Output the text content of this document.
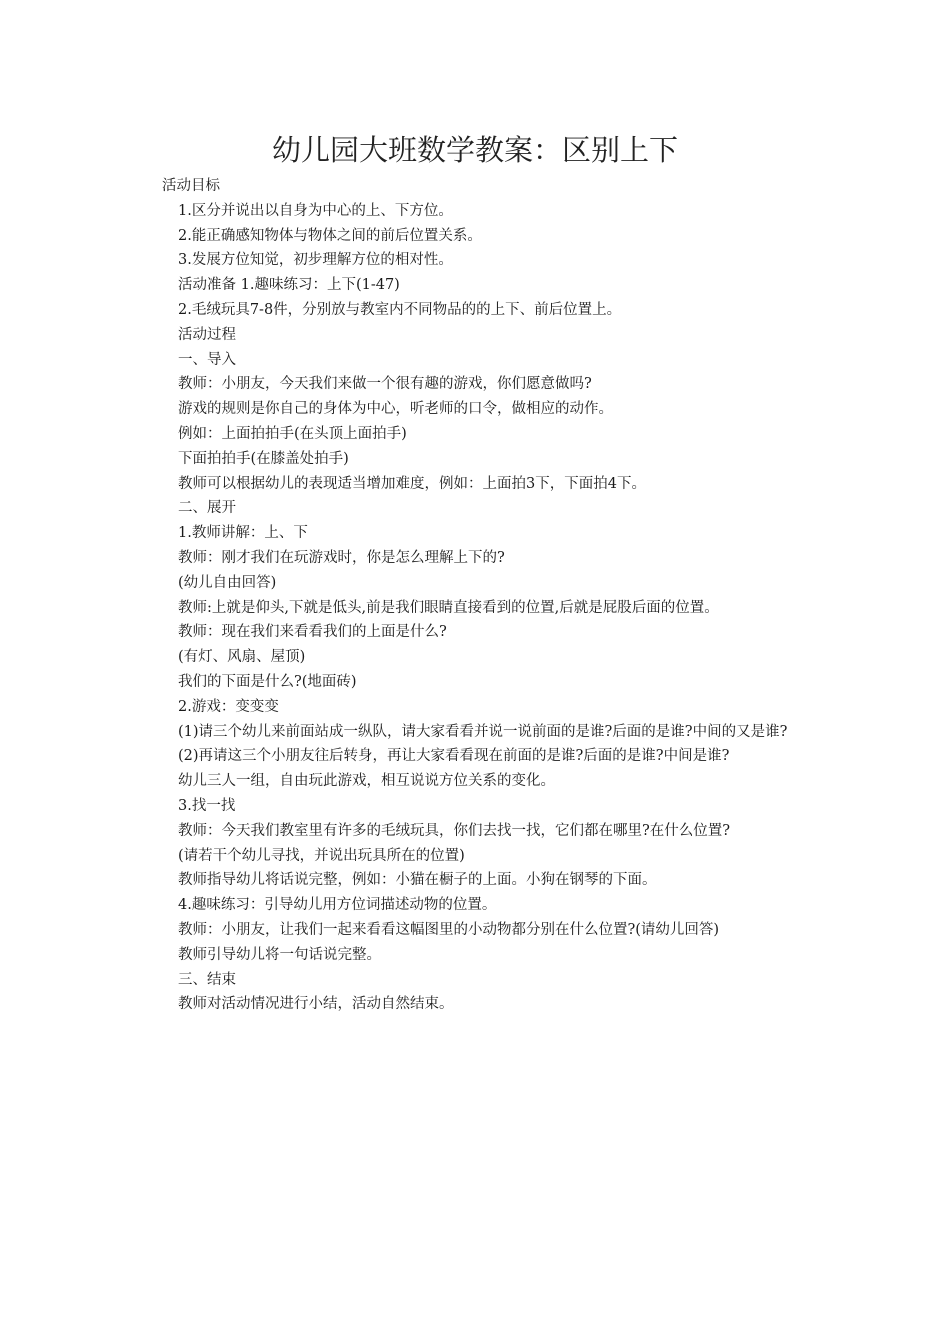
幼儿园大班数学教案：区别上下

活动目标

1.区分并说出以自身为中心的上、下方位。

2.能正确感知物体与物体之间的前后位置关系。

3.发展方位知觉，初步理解方位的相对性。

活动准备 1.趣味练习：上下(1-47)

2.毛绒玩具7-8件，分别放与教室内不同物品的的上下、前后位置上。

活动过程

一、导入

教师：小朋友，今天我们来做一个很有趣的游戏，你们愿意做吗?

游戏的规则是你自己的身体为中心，听老师的口令，做相应的动作。

例如：上面拍拍手(在头顶上面拍手)

下面拍拍手(在膝盖处拍手)

教师可以根据幼儿的表现适当增加难度，例如：上面拍3下，下面拍4下。

二、展开

1.教师讲解：上、下

教师：刚才我们在玩游戏时，你是怎么理解上下的?

(幼儿自由回答)

教师:上就是仰头,下就是低头,前是我们眼睛直接看到的位置,后就是屁股后面的位置。

教师：现在我们来看看我们的上面是什么?

(有灯、风扇、屋顶)

我们的下面是什么?(地面砖)

2.游戏：变变变

(1)请三个幼儿来前面站成一纵队，请大家看看并说一说前面的是谁?后面的是谁?中间的又是谁?

(2)再请这三个小朋友往后转身，再让大家看看现在前面的是谁?后面的是谁?中间是谁?

幼儿三人一组，自由玩此游戏，相互说说方位关系的变化。

3.找一找

教师：今天我们教室里有许多的毛绒玩具，你们去找一找，它们都在哪里?在什么位置?

(请若干个幼儿寻找，并说出玩具所在的位置)

教师指导幼儿将话说完整，例如：小猫在橱子的上面。小狗在钢琴的下面。

4.趣味练习：引导幼儿用方位词描述动物的位置。

教师：小朋友，让我们一起来看看这幅图里的小动物都分别在什么位置?(请幼儿回答)

教师引导幼儿将一句话说完整。

三、结束

教师对活动情况进行小结，活动自然结束。
